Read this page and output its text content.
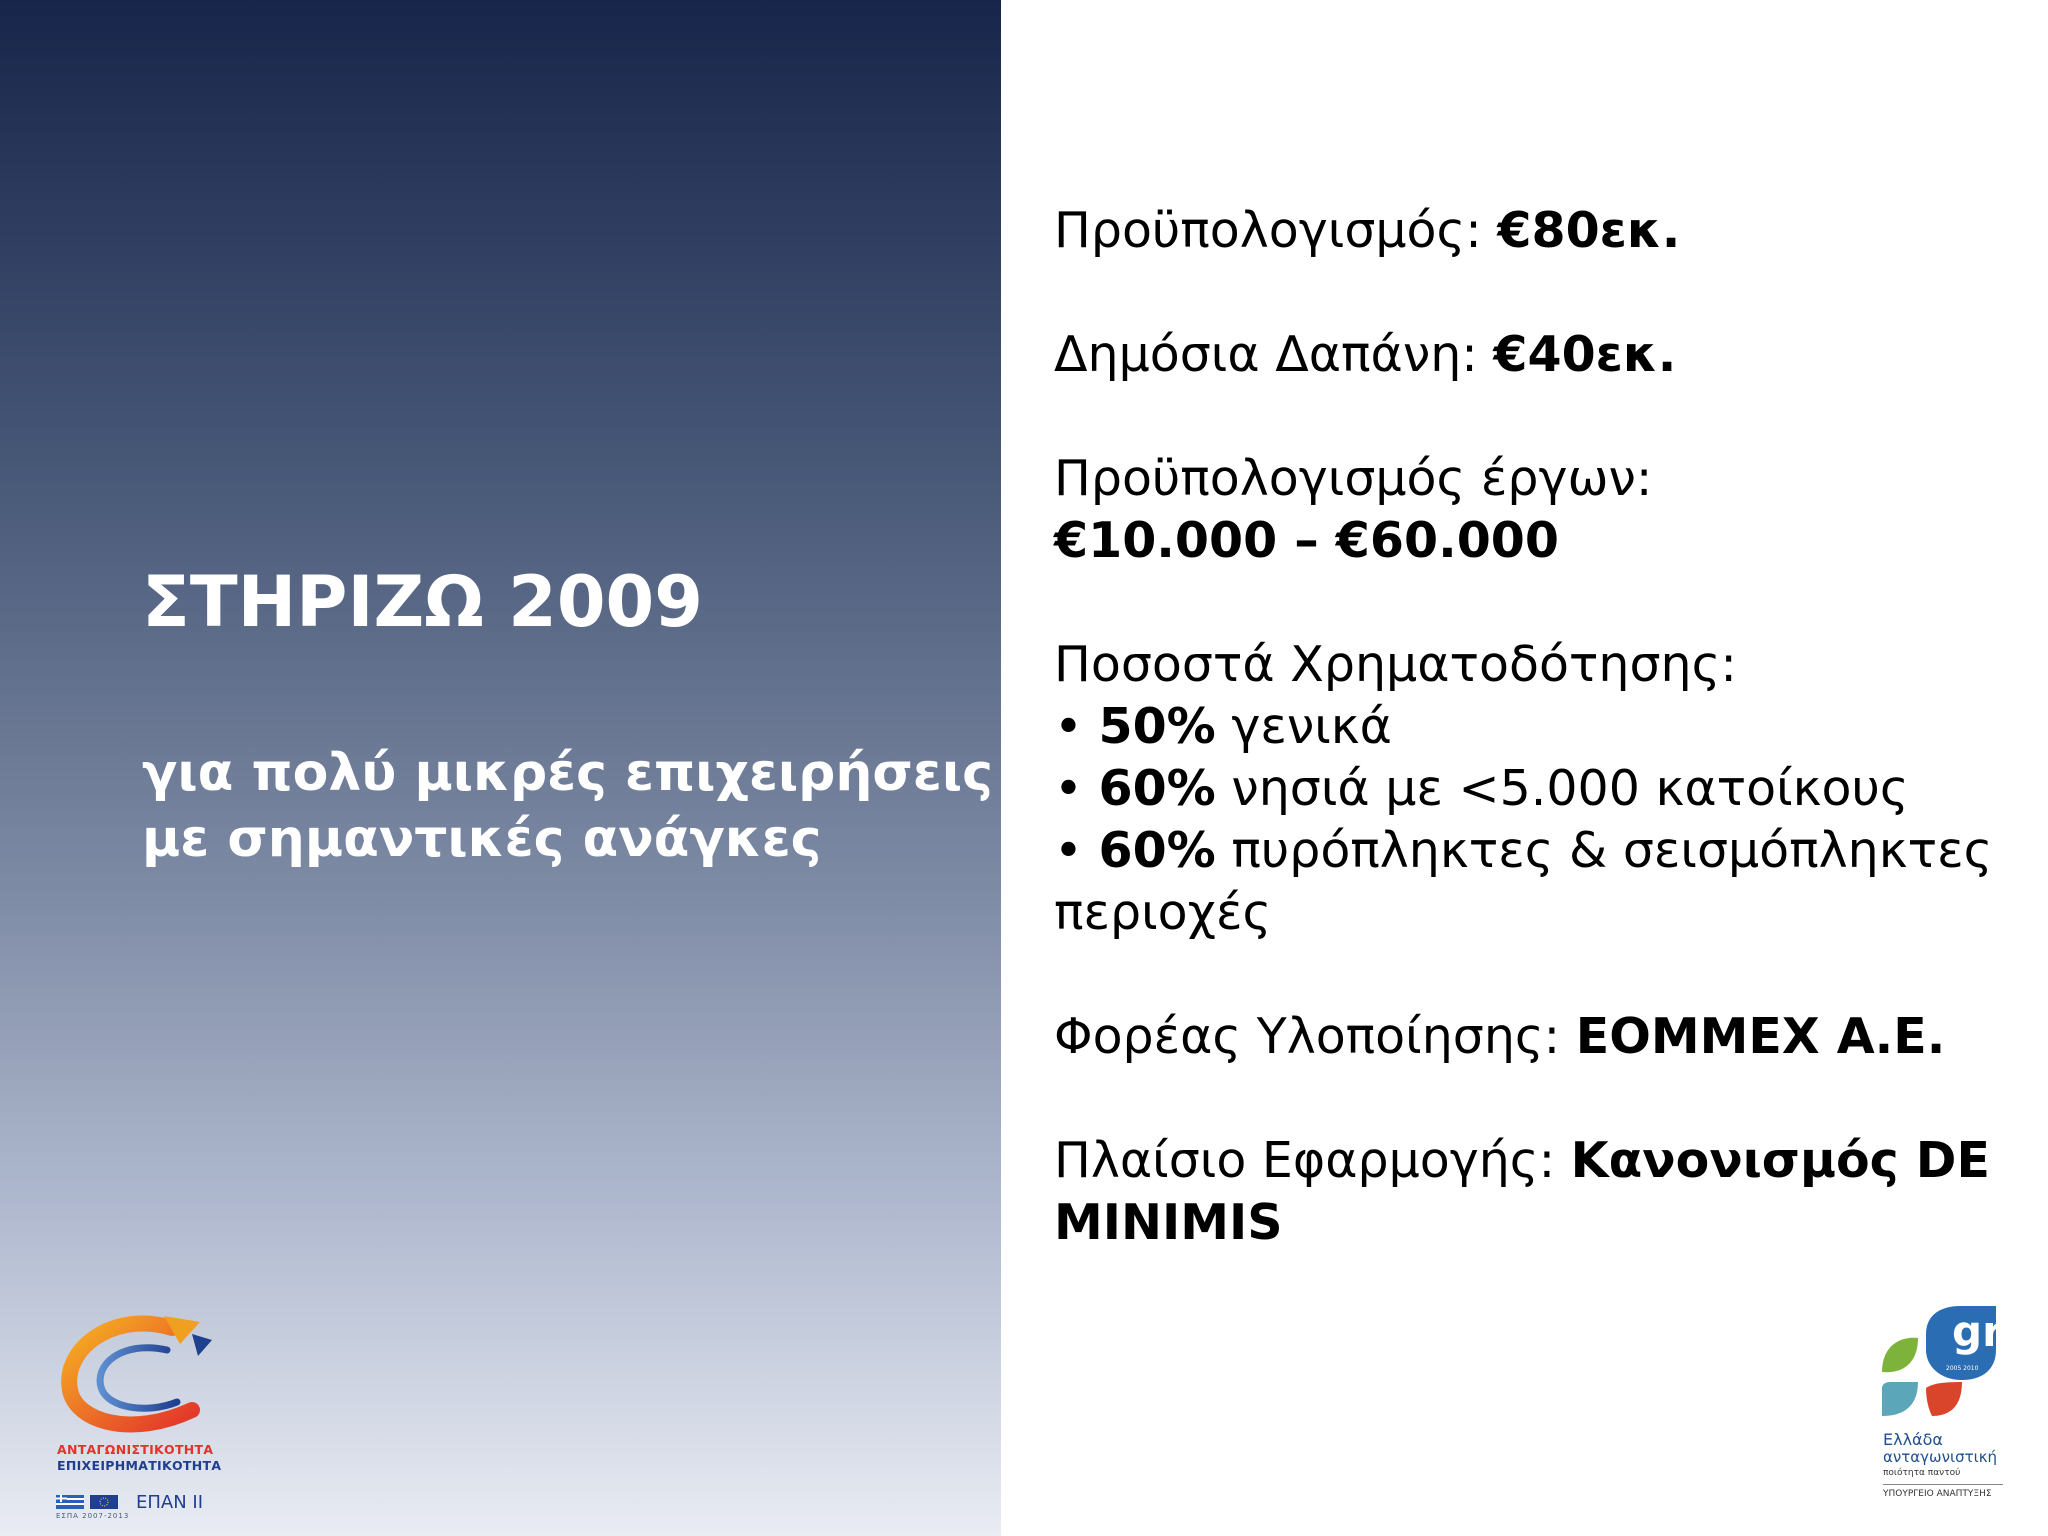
ΣΤΗΡΙΖΩ 2009
για πολύ μικρές επιχειρήσεις
με σημαντικές ανάγκες
Προϋπολογισμός: €80εκ.
Δημόσια Δαπάνη: €40εκ.
Προϋπολογισμός έργων:
€10.000 – €60.000
Ποσοστά Χρηματοδότησης:
• 50% γενικά
• 60% νησιά με <5.000 κατοίκους
• 60% πυρόπληκτες & σεισμόπληκτες
περιοχές
Φορέας Υλοποίησης: ΕΟΜΜΕΧ Α.Ε.
Πλαίσιο Εφαρμογής: Κανονισμός DE
MINIMIS
ΑΝΤΑΓΩΝΙΣΤΙΚΟΤΗΤΑ
ΕΠΙΧΕΙΡΗΜΑΤΙΚΟΤΗΤΑ
ΕΠΑΝ ΙΙ
ΕΣΠΑ 2007-2013
gr
2005 2010
Ελλάδα
ανταγωνιστική
ποιότητα παντού
ΥΠΟΥΡΓΕΙΟ ΑΝΑΠΤΥΞΗΣ
